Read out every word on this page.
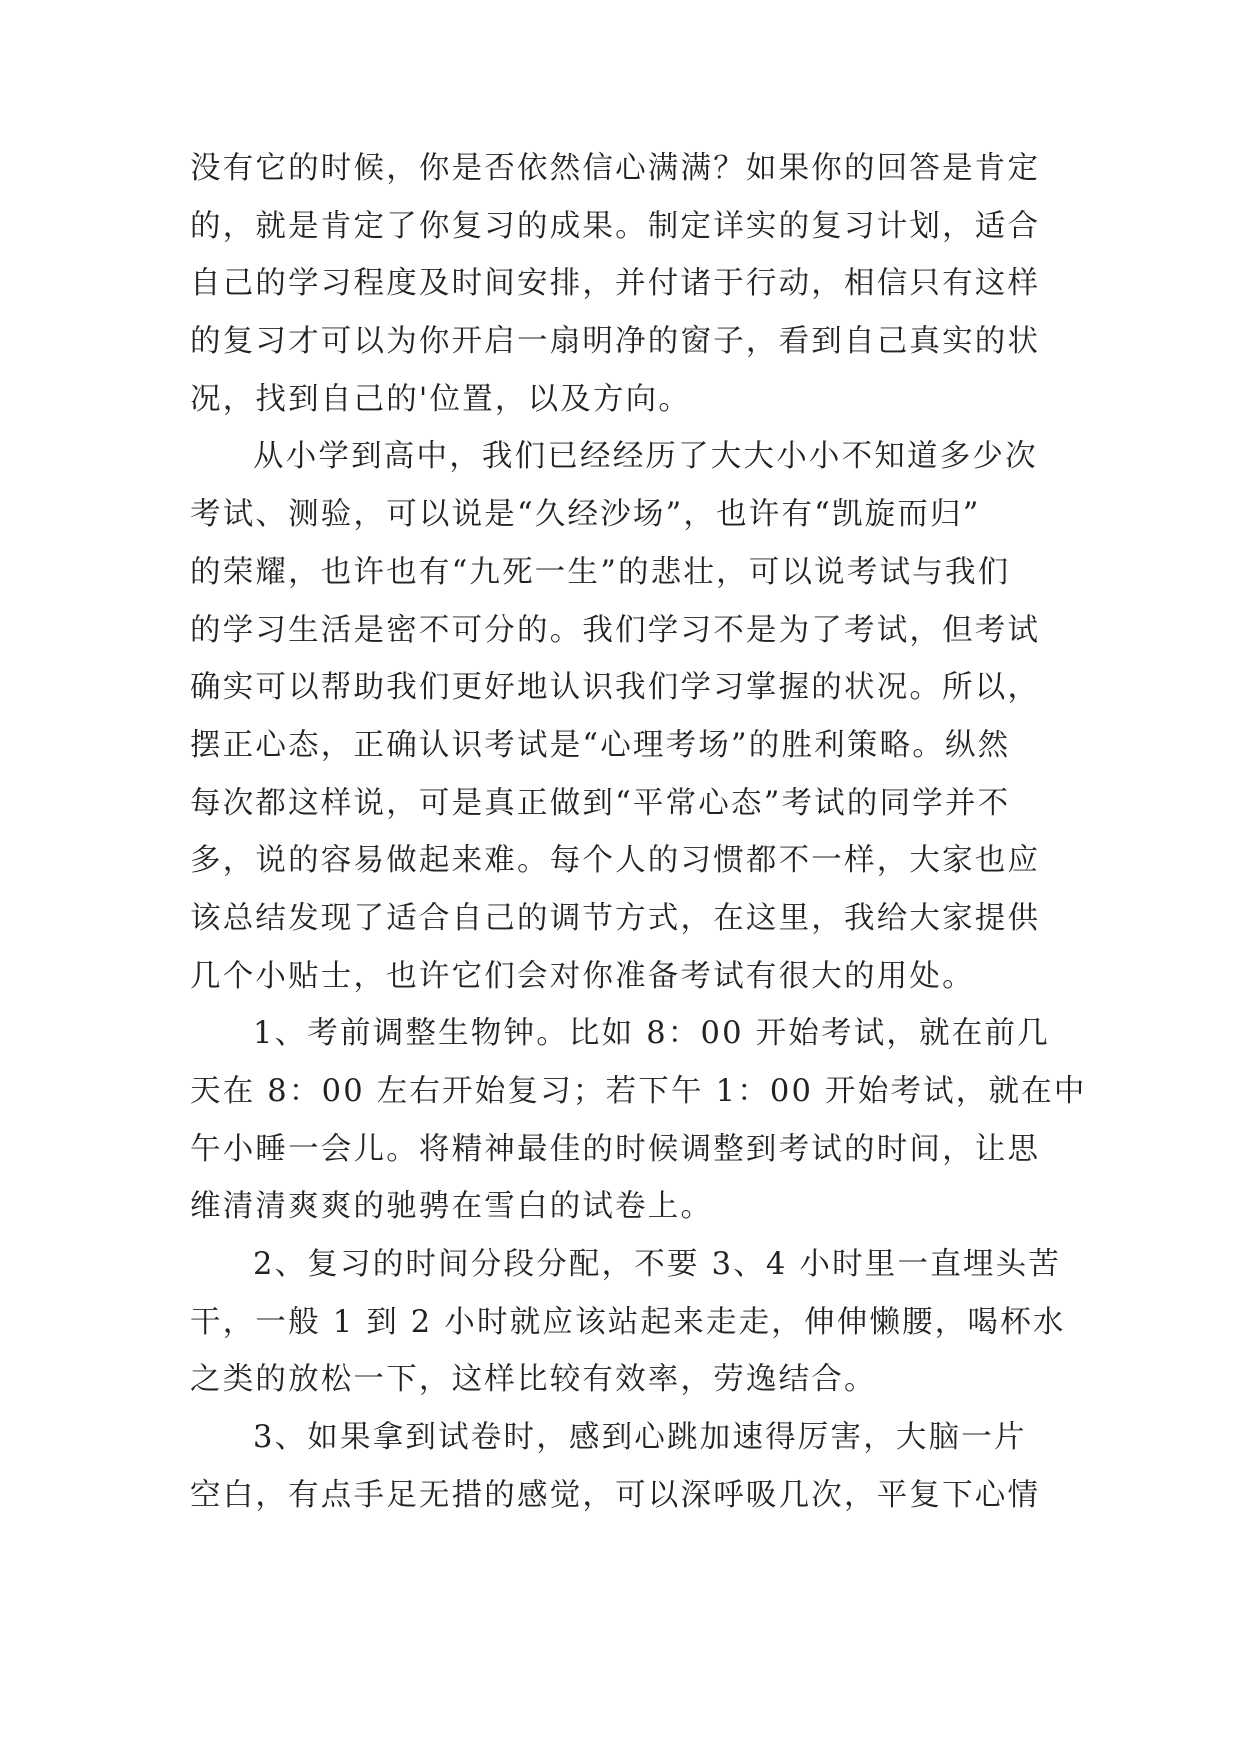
没有它的时候，你是否依然信心满满？如果你的回答是肯定
的，就是肯定了你复习的成果。制定详实的复习计划，适合
自己的学习程度及时间安排，并付诸于行动，相信只有这样
的复习才可以为你开启一扇明净的窗子，看到自己真实的状
况，找到自己的'位置，以及方向。
从小学到高中，我们已经经历了大大小小不知道多少次
考试、测验，可以说是“久经沙场”，也许有“凯旋而归”
的荣耀，也许也有“九死一生”的悲壮，可以说考试与我们
的学习生活是密不可分的。我们学习不是为了考试，但考试
确实可以帮助我们更好地认识我们学习掌握的状况。所以，
摆正心态，正确认识考试是“心理考场”的胜利策略。纵然
每次都这样说，可是真正做到“平常心态”考试的同学并不
多，说的容易做起来难。每个人的习惯都不一样，大家也应
该总结发现了适合自己的调节方式，在这里，我给大家提供
几个小贴士，也许它们会对你准备考试有很大的用处。
1、考前调整生物钟。比如 8：00 开始考试，就在前几
天在 8：00 左右开始复习；若下午 1：00 开始考试，就在中
午小睡一会儿。将精神最佳的时候调整到考试的时间，让思
维清清爽爽的驰骋在雪白的试卷上。
2、复习的时间分段分配，不要 3、4 小时里一直埋头苦
干，一般 1 到 2 小时就应该站起来走走，伸伸懒腰，喝杯水
之类的放松一下，这样比较有效率，劳逸结合。
3、如果拿到试卷时，感到心跳加速得厉害，大脑一片
空白，有点手足无措的感觉，可以深呼吸几次，平复下心情
